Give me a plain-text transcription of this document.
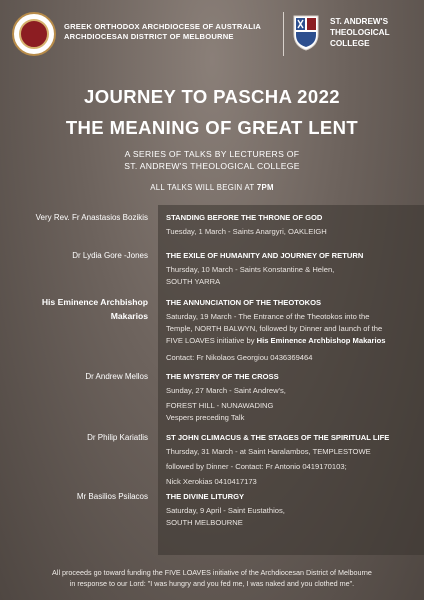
GREEK ORTHODOX ARCHDIOCESE OF AUSTRALIA
ARCHDIOCESAN DISTRICT OF MELBOURNE
ST. ANDREW'S
THEOLOGICAL
COLLEGE
JOURNEY TO PASCHA 2022
THE MEANING OF GREAT LENT
A SERIES OF TALKS BY LECTURERS OF
ST. ANDREW'S THEOLOGICAL COLLEGE
ALL TALKS WILL BEGIN AT 7PM
Very Rev. Fr Anastasios Bozikis STANDING BEFORE THE THRONE OF GOD
Tuesday, 1 March - Saints Anargyri, OAKLEIGH
Dr Lydia Gore -Jones THE EXILE OF HUMANITY AND JOURNEY OF RETURN
Thursday, 10 March - Saints Konstantine & Helen,
SOUTH YARRA
His Eminence Archbishop
Makarios
THE ANNUNCIATION OF THE THEOTOKOS
Saturday, 19 March - The Entrance of the Theotokos into the
Temple, NORTH BALWYN, followed by Dinner and launch of the
FIVE LOAVES initiative by His Eminence Archbishop Makarios
Contact: Fr Nikolaos Georgiou 0436369464
Dr Andrew Mellos THE MYSTERY OF THE CROSS
Sunday, 27 March - Saint Andrew's,
FOREST HILL - NUNAWADING
Vespers preceding Talk
Dr Philip Kariatlis ST JOHN CLIMACUS & THE STAGES OF THE SPIRITUAL LIFE
Thursday, 31 March - at Saint Haralambos, TEMPLESTOWE
followed by Dinner - Contact: Fr Antonio 0419170103;
Nick Xerokias 0410417173
Mr Basilios Psilacos THE DIVINE LITURGY
Saturday, 9 April - Saint Eustathios,
SOUTH MELBOURNE
All proceeds go toward funding the FIVE LOAVES initiative of the Archdiocesan District of Melbourne
in response to our Lord: "I was hungry and you fed me, I was naked and you clothed me".
